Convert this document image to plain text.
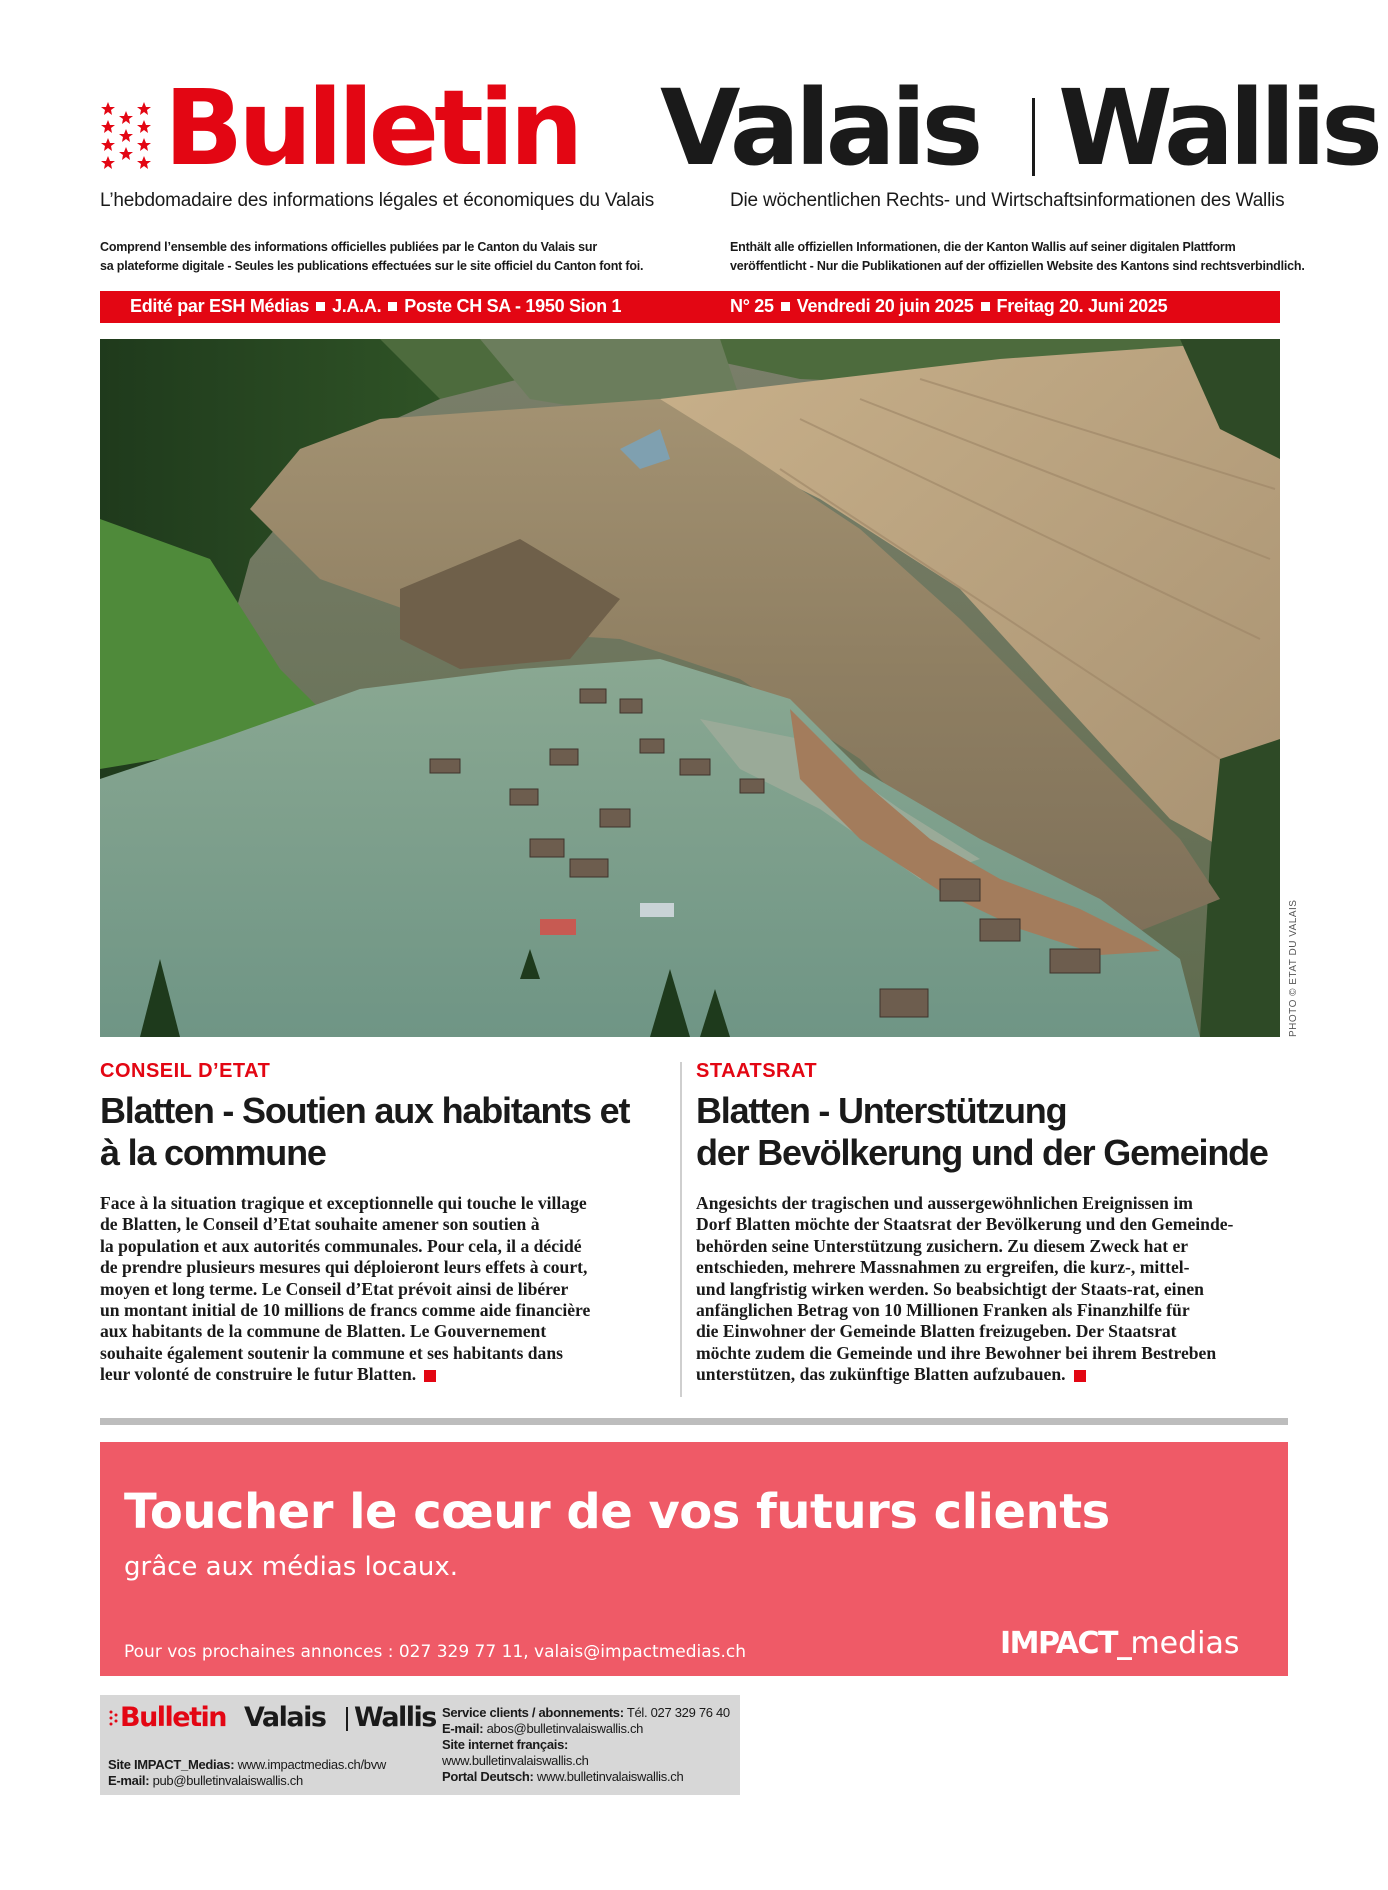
Bulletin Valais Wallis
L’hebdomadaire des informations légales et économiques du Valais	Die wöchentlichen Rechts- und Wirtschaftsinformationen des Wallis
Comprend l’ensemble des informations officielles publiées par le Canton du Valais sur
sa plateforme digitale - Seules les publications effectuées sur le site officiel du Canton font foi.
Enthält alle offiziellen Informationen, die der Kanton Wallis auf seiner digitalen Plattform
veröffentlicht - Nur die Publikationen auf der offiziellen Website des Kantons sind rechtsverbindlich.
Edité par ESH Médias J.A.A. Poste CH SA - 1950 Sion 1	N° 25 Vendredi 20 juin 2025 Freitag 20. Juni 2025
PHOTO © ETAT DU VALAIS
CONSEIL D’ETAT
Blatten - Soutien aux habitants et
à la commune
Face à la situation tragique et exceptionnelle qui touche le village
de Blatten, le Conseil d’Etat souhaite amener son soutien à
la population et aux autorités communales. Pour cela, il a décidé
de prendre plusieurs mesures qui déploieront leurs effets à court,
moyen et long terme. Le Conseil d’Etat prévoit ainsi de libérer
un montant initial de 10 millions de francs comme aide financière
aux habitants de la commune de Blatten. Le Gouvernement
souhaite également soutenir la commune et ses habitants dans
leur volonté de construire le futur Blatten.
STAATSRAT
Blatten - Unterstützung
der Bevölkerung und der Gemeinde
Angesichts der tragischen und aussergewöhnlichen Ereignissen im
Dorf Blatten möchte der Staatsrat der Bevölkerung und den Gemeinde-
behörden seine Unterstützung zusichern. Zu diesem Zweck hat er
entschieden, mehrere Massnahmen zu ergreifen, die kurz-, mittel-
und langfristig wirken werden. So beabsichtigt der Staats-rat, einen
anfänglichen Betrag von 10 Millionen Franken als Finanzhilfe für
die Einwohner der Gemeinde Blatten freizugeben. Der Staatsrat
möchte zudem die Gemeinde und ihre Bewohner bei ihrem Bestreben
unterstützen, das zukünftige Blatten aufzubauen.
Toucher le cœur de vos futurs clients
grâce aux médias locaux.
Pour vos prochaines annonces : 027 329 77 11, valais@impactmedias.ch	IMPACT_medias
Bulletin Valais Wallis
Site IMPACT_Medias: www.impactmedias.ch/bvw
E-mail: pub@bulletinvalaiswallis.ch
Service clients / abonnements: Tél. 027 329 76 40
E-mail: abos@bulletinvalaiswallis.ch
Site internet français:
www.bulletinvalaiswallis.ch
Portal Deutsch: www.bulletinvalaiswallis.ch
